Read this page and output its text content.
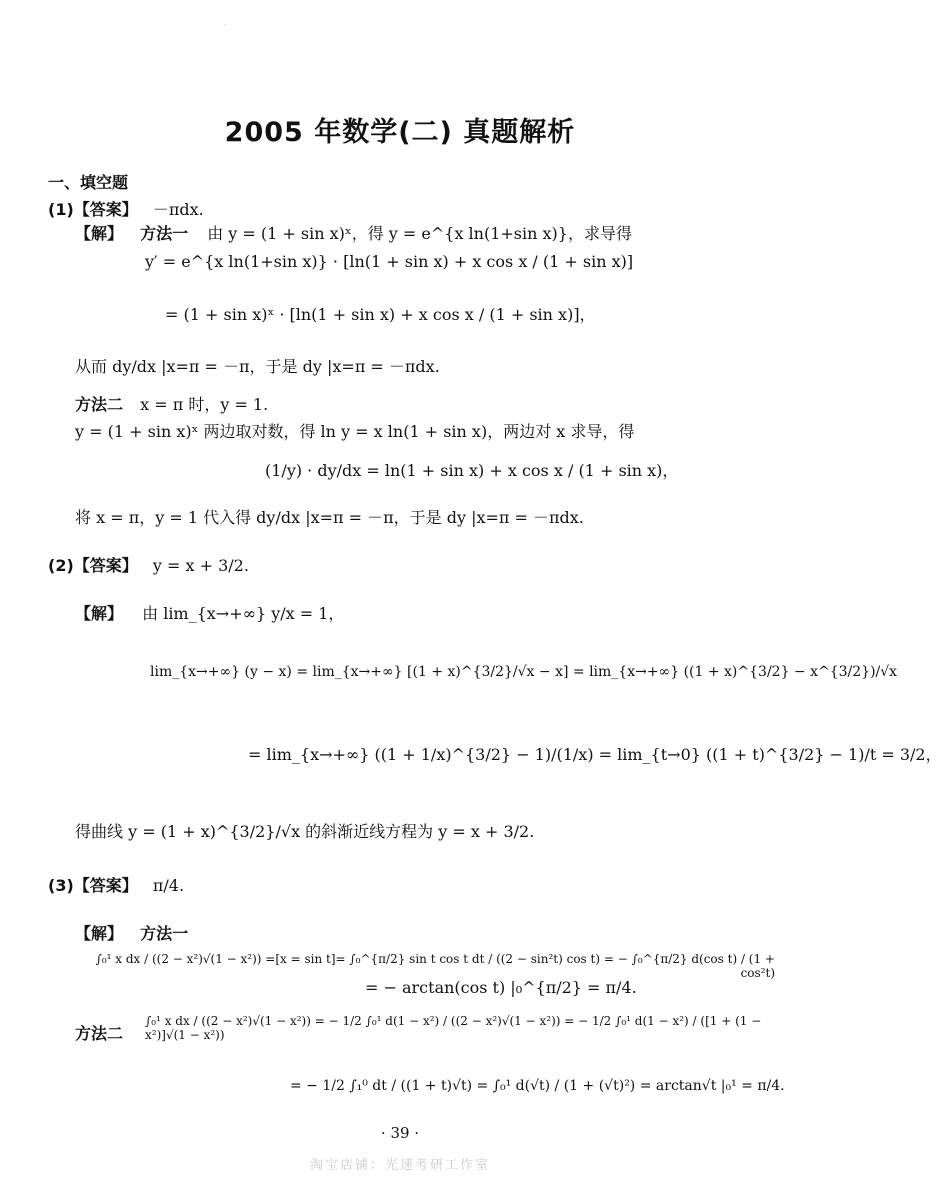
·
2005 年数学(二) 真题解析
一、填空题
(1)【答案】 －πdx.
【解】 方法一 由 y = (1 + sin x)ˣ，得 y = e^{x ln(1+sin x)}，求导得
y′ = e^{x ln(1+sin x)} · [ln(1 + sin x) + x cos x / (1 + sin x)]
= (1 + sin x)ˣ · [ln(1 + sin x) + x cos x / (1 + sin x)]，
从而 dy/dx |x=π = －π，于是 dy |x=π = －πdx.
方法二 x = π 时，y = 1.
y = (1 + sin x)ˣ 两边取对数，得 ln y = x ln(1 + sin x)，两边对 x 求导，得
(1/y) · dy/dx = ln(1 + sin x) + x cos x / (1 + sin x)，
将 x = π，y = 1 代入得 dy/dx |x=π = －π，于是 dy |x=π = －πdx.
(2)【答案】 y = x + 3/2.
【解】 由 lim_{x→+∞} y/x = 1，
lim_{x→+∞} (y − x) = lim_{x→+∞} [(1 + x)^{3/2}/√x − x] = lim_{x→+∞} ((1 + x)^{3/2} − x^{3/2})/√x
= lim_{x→+∞} ((1 + 1/x)^{3/2} − 1)/(1/x) = lim_{t→0} ((1 + t)^{3/2} − 1)/t = 3/2，
得曲线 y = (1 + x)^{3/2}/√x 的斜渐近线方程为 y = x + 3/2.
(3)【答案】 π/4.
【解】 方法一
∫₀¹ x dx / ((2 − x²)√(1 − x²)) =[x = sin t]= ∫₀^{π/2} sin t cos t dt / ((2 − sin²t) cos t) = − ∫₀^{π/2} d(cos t) / (1 + cos²t)
= − arctan(cos t) |₀^{π/2} = π/4.
方法二
∫₀¹ x dx / ((2 − x²)√(1 − x²)) = − 1/2 ∫₀¹ d(1 − x²) / ((2 − x²)√(1 − x²)) = − 1/2 ∫₀¹ d(1 − x²) / ([1 + (1 − x²)]√(1 − x²))
= − 1/2 ∫₁⁰ dt / ((1 + t)√t) = ∫₀¹ d(√t) / (1 + (√t)²) = arctan√t |₀¹ = π/4.
· 39 ·
淘宝店铺：光速考研工作室
